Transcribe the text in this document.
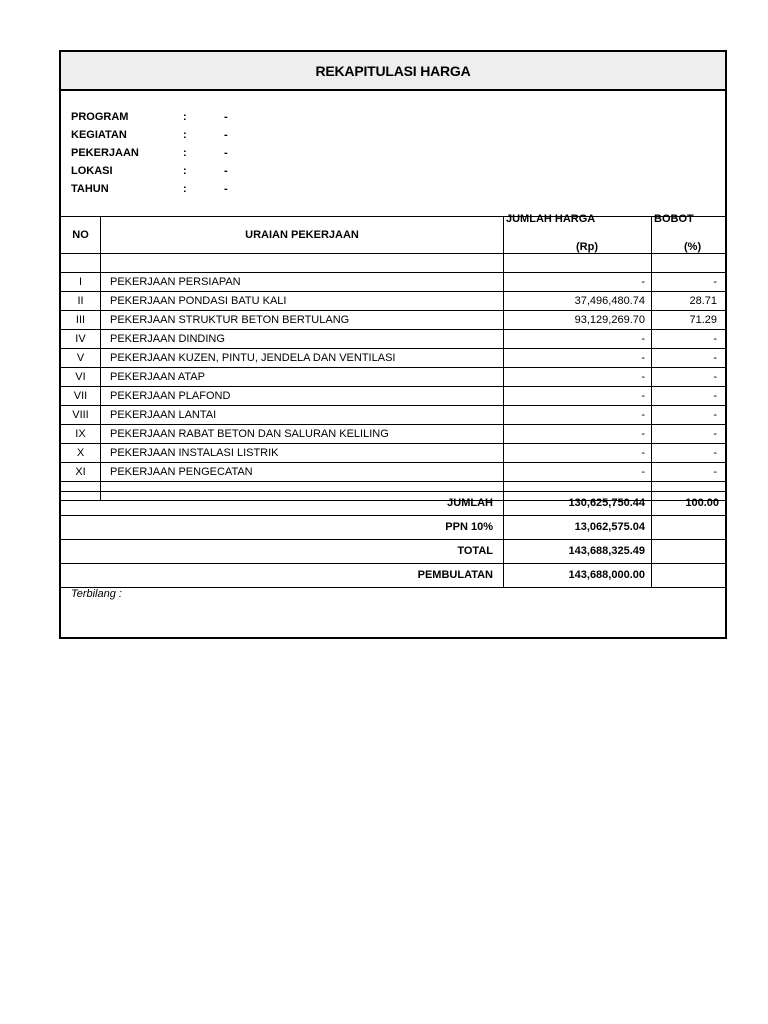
REKAPITULASI HARGA
PROGRAM	:	-
KEGIATAN	:	-
PEKERJAAN	:	-
LOKASI	:	-
TAHUN	:	-
NO	URAIAN PEKERJAAN
JUMLAH HARGA
(Rp)
BOBOT
(%)
I	PEKERJAAN PERSIAPAN	-	-
II	PEKERJAAN PONDASI BATU KALI	37,496,480.74	28.71
III	PEKERJAAN STRUKTUR BETON BERTULANG	93,129,269.70	71.29
IV	PEKERJAAN DINDING	-	-
V	PEKERJAAN KUZEN, PINTU, JENDELA DAN VENTILASI	-	-
VI	PEKERJAAN ATAP	-	-
VII	PEKERJAAN PLAFOND	-	-
VIII	PEKERJAAN LANTAI	-	-
IX	PEKERJAAN RABAT BETON DAN SALURAN KELILING	-	-
X	PEKERJAAN INSTALASI LISTRIK	-	-
XI	PEKERJAAN PENGECATAN	-	-
JUMLAH	130,625,750.44	100.00
PPN 10%	13,062,575.04
TOTAL	143,688,325.49
PEMBULATAN	143,688,000.00
Terbilang :
